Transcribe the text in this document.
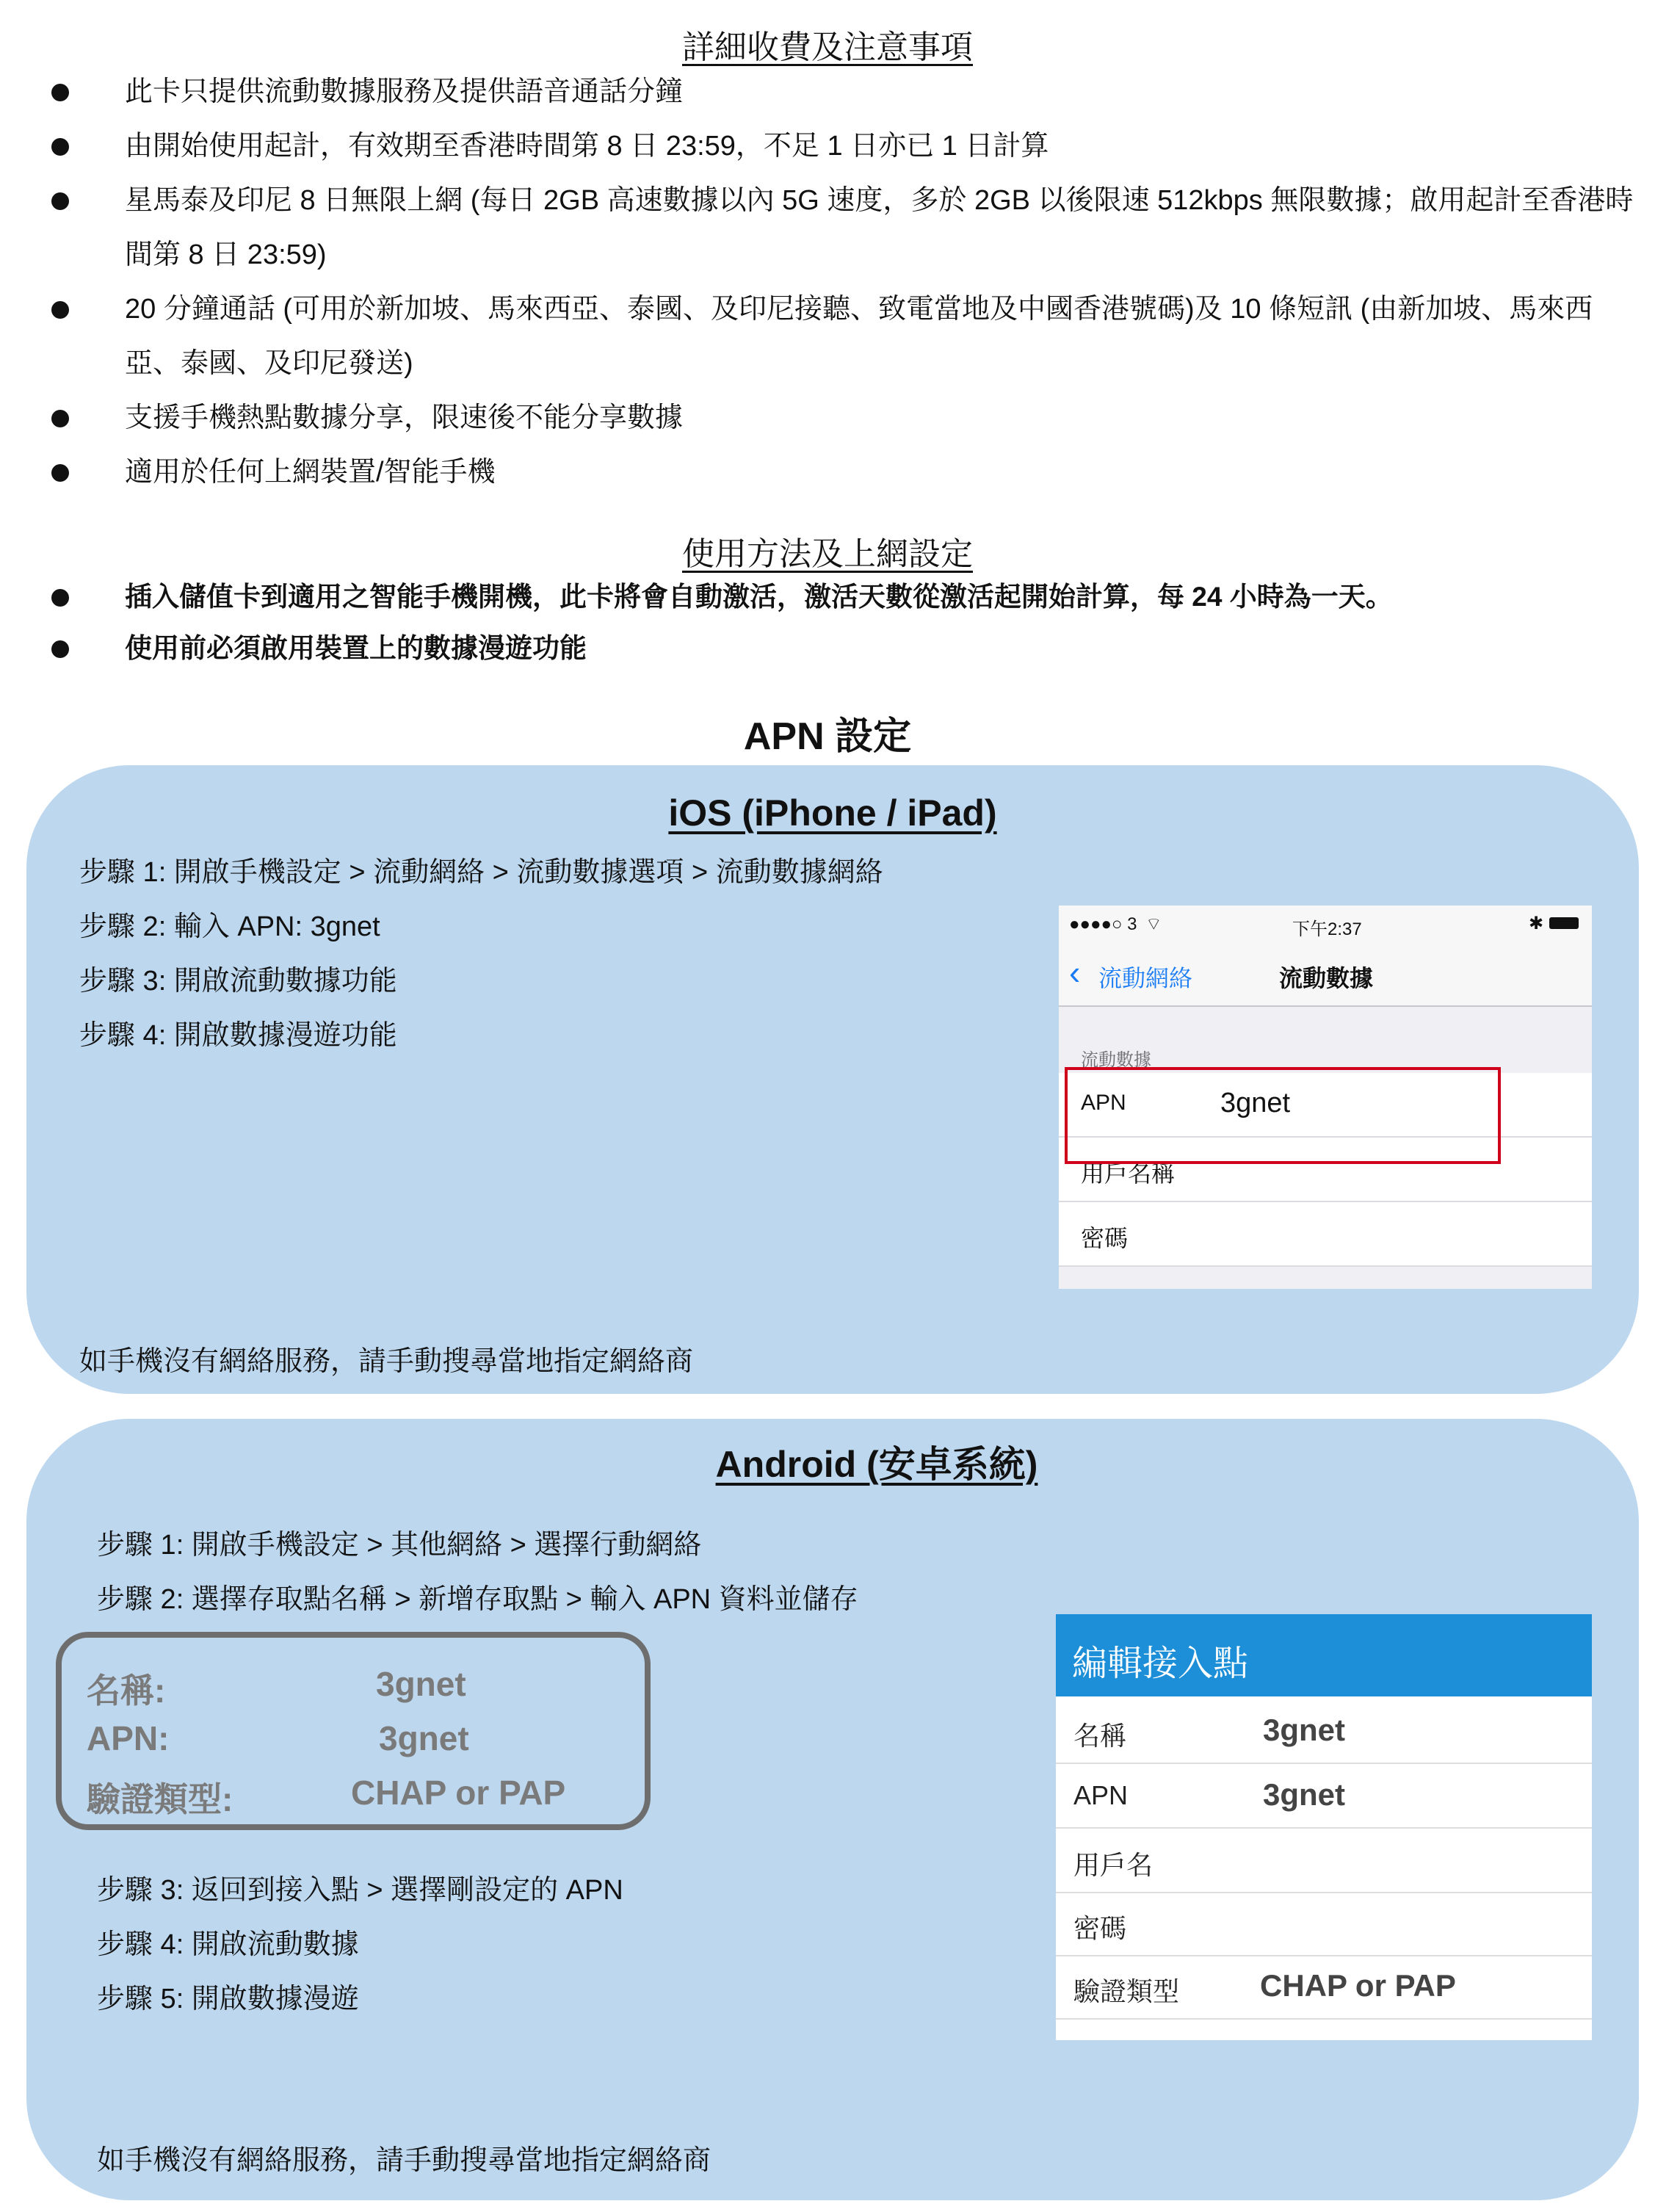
詳細收費及注意事項
此卡只提供流動數據服務及提供語音通話分鐘
由開始使用起計，有效期至香港時間第 8 日 23:59，不足 1 日亦已 1 日計算
星馬泰及印尼 8 日無限上網 (每日 2GB 高速數據以內 5G 速度，多於 2GB 以後限速 512kbps 無限數據；啟用起計至香港時間第 8 日 23:59)
20 分鐘通話 (可用於新加坡、馬來西亞、泰國、及印尼接聽、致電當地及中國香港號碼)及 10 條短訊 (由新加坡、馬來西亞、泰國、及印尼發送)
支援手機熱點數據分享，限速後不能分享數據
適用於任何上網裝置/智能手機
使用方法及上網設定
插入儲值卡到適用之智能手機開機，此卡將會自動激活，激活天數從激活起開始計算，每 24 小時為一天。
使用前必須啟用裝置上的數據漫遊功能
APN 設定
iOS (iPhone / iPad)
步驟 1: 開啟手機設定 > 流動網絡 > 流動數據選項 > 流動數據網絡
步驟 2: 輸入 APN: 3gnet
步驟 3: 開啟流動數據功能
步驟 4: 開啟數據漫遊功能
如手機沒有網絡服務，請手動搜尋當地指定網絡商
●●●●○ 3 ⌔	下午2:37	✱
‹ 流動網絡	流動數據
流動數據
APN	3gnet
用戶名稱
密碼
Android (安卓系統)
步驟 1: 開啟手機設定 > 其他網絡 > 選擇行動網絡
步驟 2: 選擇存取點名稱 > 新增存取點 > 輸入 APN 資料並儲存
名稱:	3gnet
APN:	3gnet
驗證類型:	CHAP or PAP
步驟 3: 返回到接入點 > 選擇剛設定的 APN
步驟 4: 開啟流動數據
步驟 5: 開啟數據漫遊
如手機沒有網絡服務，請手動搜尋當地指定網絡商
編輯接入點
名稱	3gnet
APN	3gnet
用戶名
密碼
驗證類型	CHAP or PAP
